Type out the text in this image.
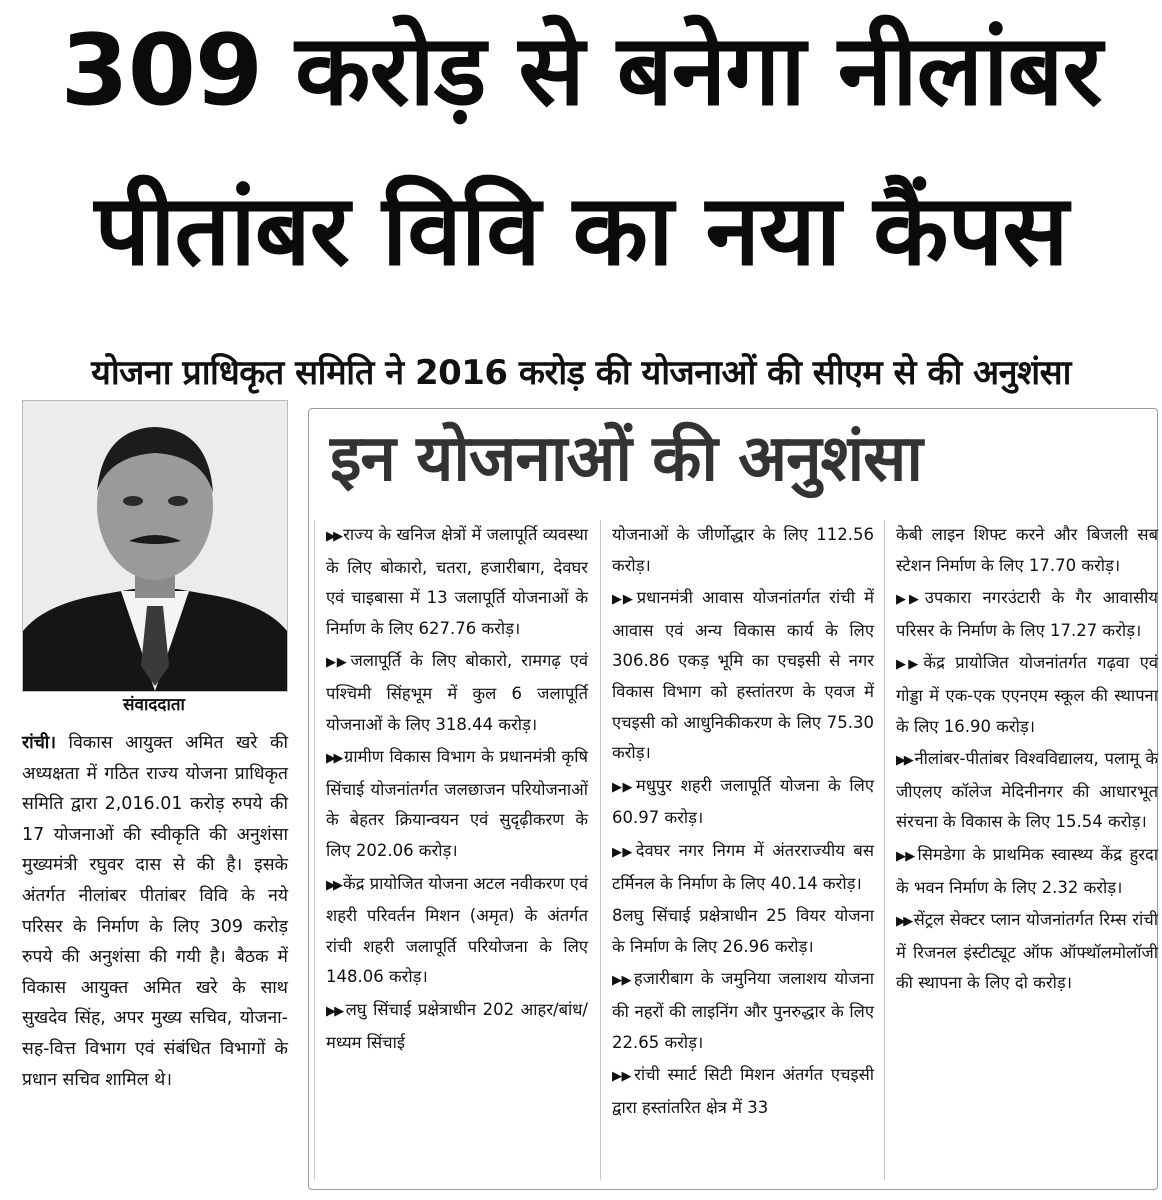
309 करोड़ से बनेगा नीलांबर
पीतांबर विवि का नया कैंपस
योजना प्राधिकृत समिति ने 2016 करोड़ की योजनाओं की सीएम से की अनुशंसा
संवाददाता
रांची। विकास आयुक्त अमित खरे की अध्यक्षता में गठित राज्य योजना प्राधिकृत समिति द्वारा 2,016.01 करोड़ रुपये की 17 योजनाओं की स्वीकृति की अनुशंसा मुख्यमंत्री रघुवर दास से की है। इसके अंतर्गत नीलांबर पीतांबर विवि के नये परिसर के निर्माण के लिए 309 करोड़ रुपये की अनुशंसा की गयी है। बैठक में विकास आयुक्त अमित खरे के साथ सुखदेव सिंह, अपर मुख्य सचिव, योजना-सह-वित्त विभाग एवं संबंधित विभागों के प्रधान सचिव शामिल थे।
इन योजनाओं की अनुशंसा
▶▶ राज्य के खनिज क्षेत्रों में जलापूर्ति व्यवस्था के लिए बोकारो, चतरा, हजारीबाग, देवघर एवं चाइबासा में 13 जलापूर्ति योजनाओं के निर्माण के लिए 627.76 करोड़।
▶▶ जलापूर्ति के लिए बोकारो, रामगढ़ एवं पश्चिमी सिंहभूम में कुल 6 जलापूर्ति योजनाओं के लिए 318.44 करोड़।
▶▶ ग्रामीण विकास विभाग के प्रधानमंत्री कृषि सिंचाई योजनांतर्गत जलछाजन परियोजनाओं के बेहतर क्रियान्वयन एवं सुदृढ़ीकरण के लिए 202.06 करोड़।
▶▶ केंद्र प्रायोजित योजना अटल नवीकरण एवं शहरी परिवर्तन मिशन (अमृत) के अंतर्गत रांची शहरी जलापूर्ति परियोजना के लिए 148.06 करोड़।
▶▶ लघु सिंचाई प्रक्षेत्राधीन 202 आहर/बांध/ मध्यम सिंचाई
योजनाओं के जीर्णोद्धार के लिए 112.56 करोड़।
▶▶ प्रधानमंत्री आवास योजनांतर्गत रांची में आवास एवं अन्य विकास कार्य के लिए 306.86 एकड़ भूमि का एचइसी से नगर विकास विभाग को हस्तांतरण के एवज में एचइसी को आधुनिकीकरण के लिए 75.30 करोड़।
▶▶ मधुपुर शहरी जलापूर्ति योजना के लिए 60.97 करोड़।
▶▶ देवघर नगर निगम में अंतरराज्यीय बस टर्मिनल के निर्माण के लिए 40.14 करोड़।
8लघु सिंचाई प्रक्षेत्राधीन 25 वियर योजना के निर्माण के लिए 26.96 करोड़।
▶▶ हजारीबाग के जमुनिया जलाशय योजना की नहरों की लाइनिंग और पुनरुद्धार के लिए 22.65 करोड़।
▶▶ रांची स्मार्ट सिटी मिशन अंतर्गत एचइसी द्वारा हस्तांतरित क्षेत्र में 33
केबी लाइन शिफ्ट करने और बिजली सब स्टेशन निर्माण के लिए 17.70 करोड़।
▶▶ उपकारा नगरउंटारी के गैर आवासीय परिसर के निर्माण के लिए 17.27 करोड़।
▶▶ केंद्र प्रायोजित योजनांतर्गत गढ़वा एवं गोड्डा में एक-एक एएनएम स्कूल की स्थापना के लिए 16.90 करोड़।
▶▶ नीलांबर-पीतांबर विश्वविद्यालय, पलामू के जीएलए कॉलेज मेदिनीनगर की आधारभूत संरचना के विकास के लिए 15.54 करोड़।
▶▶ सिमडेगा के प्राथमिक स्वास्थ्य केंद्र हुरदा के भवन निर्माण के लिए 2.32 करोड़।
▶▶ सेंट्रल सेक्टर प्लान योजनांतर्गत रिम्स रांची में रिजनल इंस्टीट्यूट ऑफ ऑफ्थॉलमोलॉजी की स्थापना के लिए दो करोड़।
